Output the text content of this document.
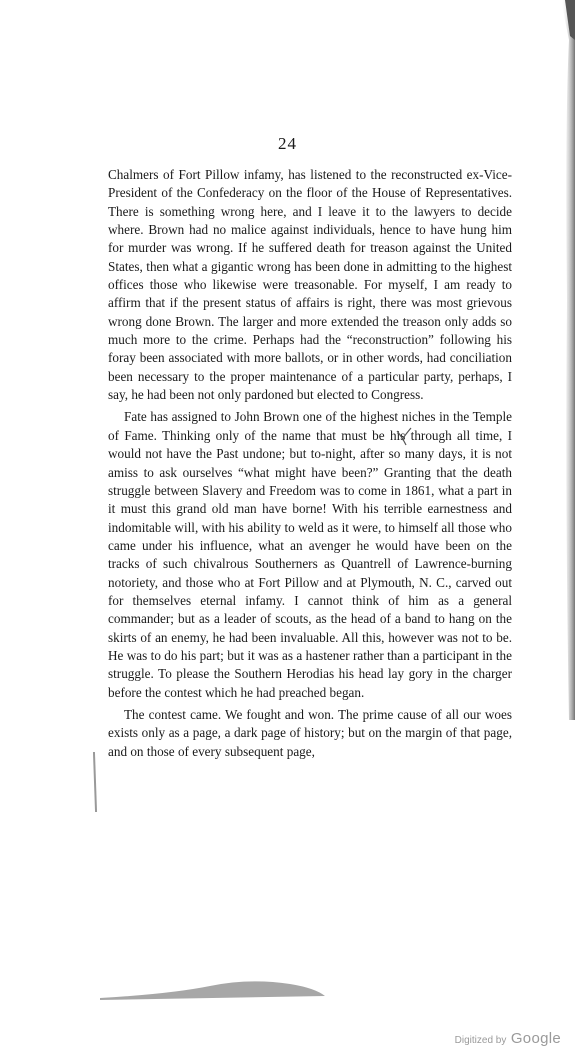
24

Chalmers of Fort Pillow infamy, has listened to the reconstructed ex-Vice-President of the Confederacy on the floor of the House of Representatives. There is something wrong here, and I leave it to the lawyers to decide where. Brown had no malice against individuals, hence to have hung him for murder was wrong. If he suffered death for treason against the United States, then what a gigantic wrong has been done in admitting to the highest offices those who likewise were treasonable. For myself, I am ready to affirm that if the present status of affairs is right, there was most grievous wrong done Brown. The larger and more extended the treason only adds so much more to the crime. Perhaps had the “reconstruction” following his foray been associated with more ballots, or in other words, had conciliation been necessary to the proper maintenance of a particular party, perhaps, I say, he had been not only pardoned but elected to Congress.

Fate has assigned to John Brown one of the highest niches in the Temple of Fame. Thinking only of the name that must be his through all time, I would not have the Past undone; but to-night, after so many days, it is not amiss to ask ourselves “what might have been?” Granting that the death struggle between Slavery and Freedom was to come in 1861, what a part in it must this grand old man have borne! With his terrible earnestness and indomitable will, with his ability to weld as it were, to himself all those who came under his influence, what an avenger he would have been on the tracks of such chivalrous Southerners as Quantrell of Lawrence-burning notoriety, and those who at Fort Pillow and at Plymouth, N. C., carved out for themselves eternal infamy. I cannot think of him as a general commander; but as a leader of scouts, as the head of a band to hang on the skirts of an enemy, he had been invaluable. All this, however was not to be. He was to do his part; but it was as a hastener rather than a participant in the struggle. To please the Southern Herodias his head lay gory in the charger before the contest which he had preached began.

The contest came. We fought and won. The prime cause of all our woes exists only as a page, a dark page of history; but on the margin of that page, and on those of every subsequent page,

Digitized by Google
